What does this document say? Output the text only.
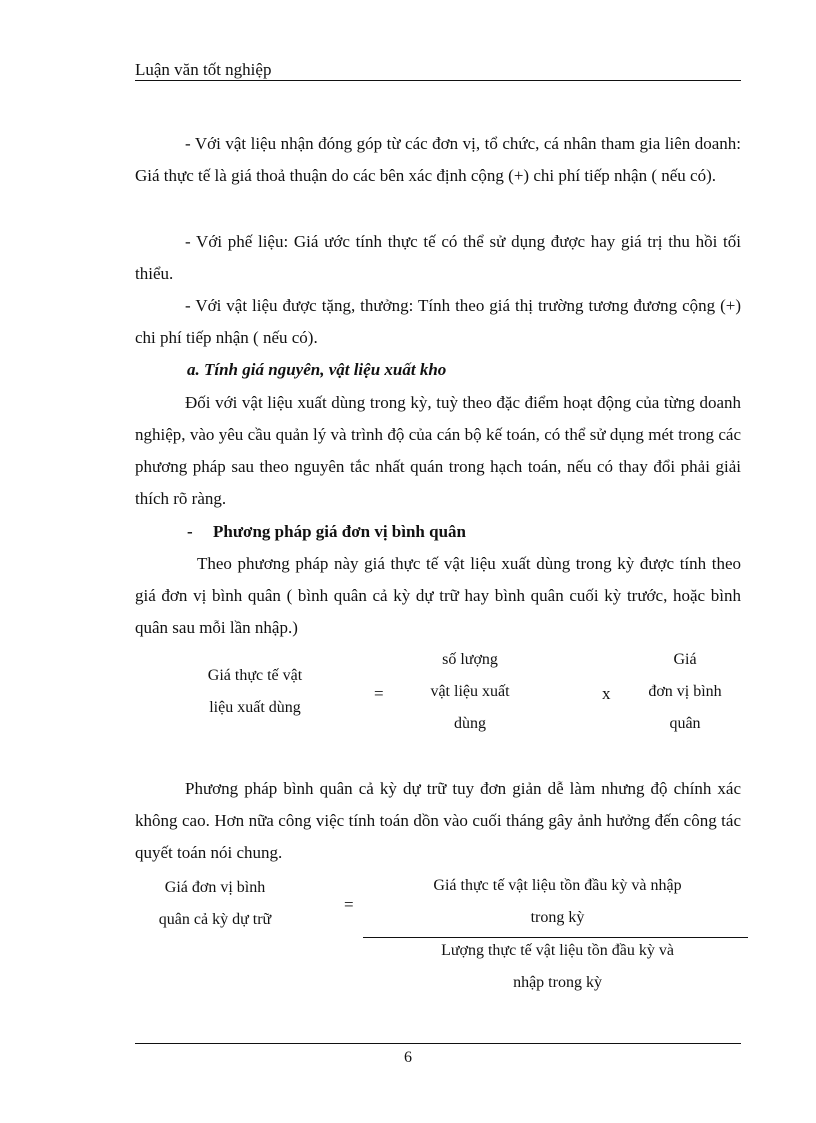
Luận văn tốt nghiệp

- Với vật liệu nhận đóng góp từ các đơn vị, tổ chức, cá nhân tham gia liên doanh: Giá thực tế là giá thoả thuận do các bên xác định cộng (+) chi phí tiếp nhận ( nếu có).

- Với phế liệu: Giá ước tính thực tế có thể sử dụng được hay giá trị thu hồi tối thiểu.

- Với vật liệu được tặng, thưởng: Tính theo giá thị trường tương đương cộng (+) chi phí tiếp nhận ( nếu có).

a. Tính giá nguyên, vật liệu xuất kho

Đối với vật liệu xuất dùng trong kỳ, tuỳ theo đặc điểm hoạt động của từng doanh nghiệp, vào yêu cầu quản lý và trình độ của cán bộ kế toán, có thể sử dụng mét trong các phương pháp sau theo nguyên tắc nhất quán trong hạch toán, nếu có thay đổi phải giải thích rõ ràng.

- Phương pháp giá đơn vị bình quân

Theo phương pháp này giá thực tế vật liệu xuất dùng trong kỳ được tính theo giá đơn vị bình quân ( bình quân cả kỳ dự trữ hay bình quân cuối kỳ trước, hoặc bình quân sau mỗi lần nhập.)

Giá thực tế vật
liệu xuất dùng
=
số lượng
vật liệu xuất
dùng
x
Giá
đơn vị bình
quân

Phương pháp bình quân cả kỳ dự trữ tuy đơn giản dễ làm nhưng độ chính xác không cao. Hơn nữa công việc tính toán dồn vào cuối tháng gây ảnh hưởng đến công tác quyết toán nói chung.

Giá đơn vị bình
quân cả kỳ dự trữ
=
Giá thực tế vật liệu tồn đầu kỳ và nhập
trong kỳ
Lượng thực tế vật liệu tồn đầu kỳ và
nhập trong kỳ
6
